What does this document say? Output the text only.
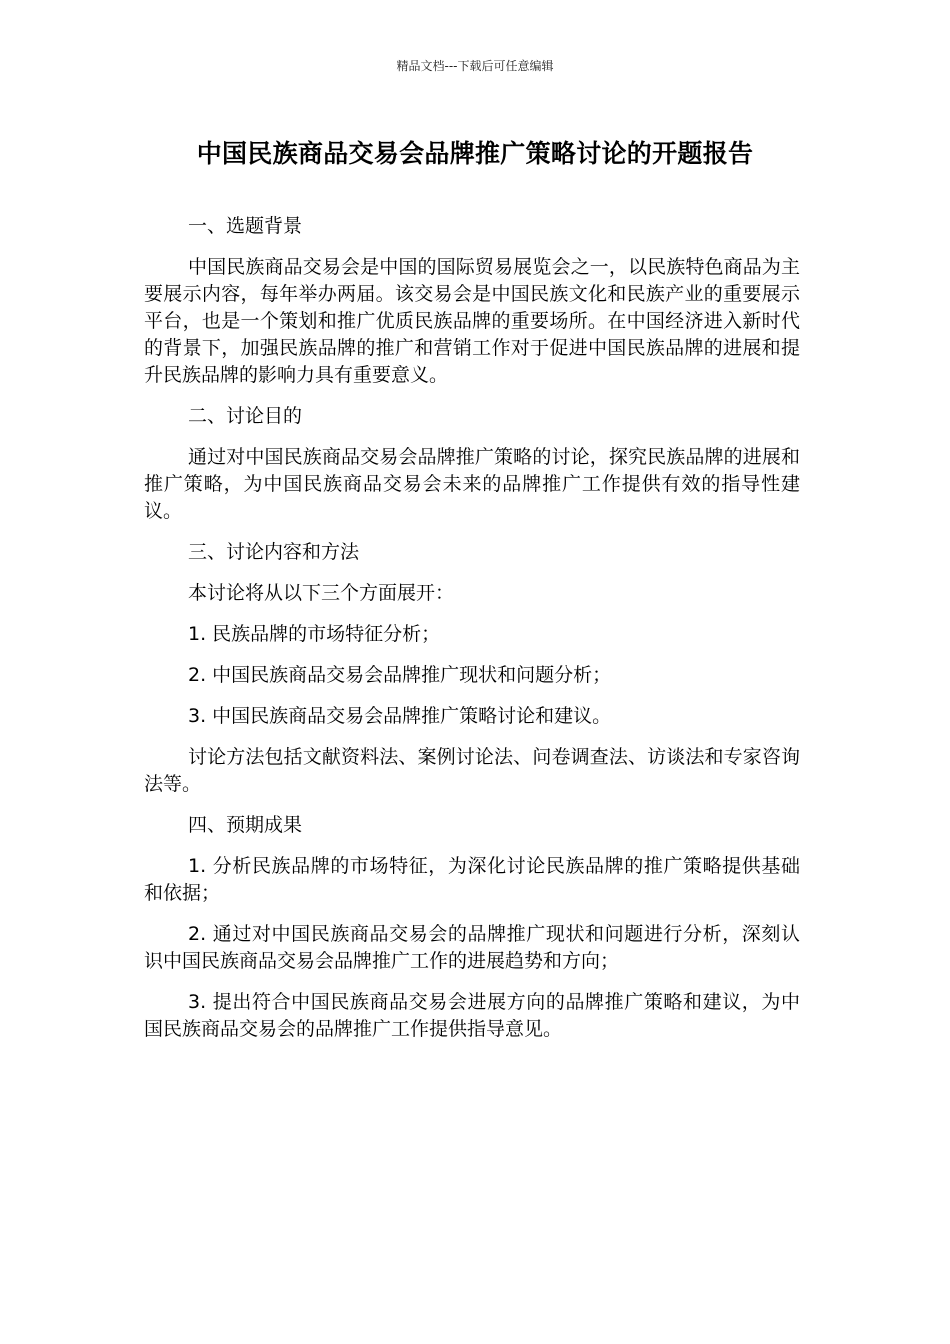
精品文档---下载后可任意编辑
中国民族商品交易会品牌推广策略讨论的开题报告

一、选题背景

中国民族商品交易会是中国的国际贸易展览会之一，以民族特色商品为主要展示内容，每年举办两届。该交易会是中国民族文化和民族产业的重要展示平台，也是一个策划和推广优质民族品牌的重要场所。在中国经济进入新时代的背景下，加强民族品牌的推广和营销工作对于促进中国民族品牌的进展和提升民族品牌的影响力具有重要意义。

二、讨论目的

通过对中国民族商品交易会品牌推广策略的讨论，探究民族品牌的进展和推广策略，为中国民族商品交易会未来的品牌推广工作提供有效的指导性建议。

三、讨论内容和方法

本讨论将从以下三个方面展开：

1. 民族品牌的市场特征分析；

2. 中国民族商品交易会品牌推广现状和问题分析；

3. 中国民族商品交易会品牌推广策略讨论和建议。

讨论方法包括文献资料法、案例讨论法、问卷调查法、访谈法和专家咨询法等。

四、预期成果

1. 分析民族品牌的市场特征，为深化讨论民族品牌的推广策略提供基础和依据；

2. 通过对中国民族商品交易会的品牌推广现状和问题进行分析，深刻认识中国民族商品交易会品牌推广工作的进展趋势和方向；

3. 提出符合中国民族商品交易会进展方向的品牌推广策略和建议，为中国民族商品交易会的品牌推广工作提供指导意见。
